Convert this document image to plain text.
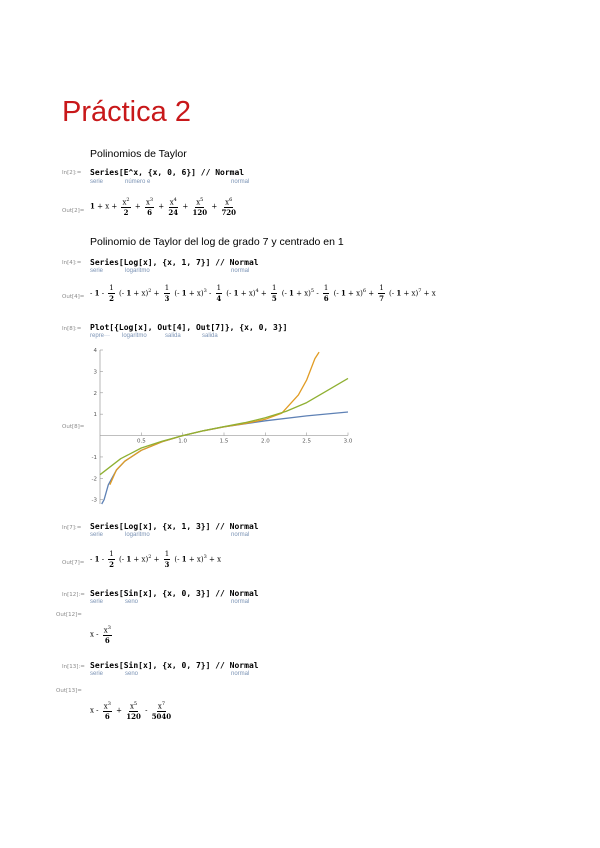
Práctica 2
Polinomios de Taylor
In[2]:= Series[E^x, {x, 0, 6}] // Normal
serie	número e	normal
Out[2]=
$1 + x + \frac{x^2}{2} + \frac{x^3}{6} + \frac{x^4}{24} + \frac{x^5}{120} + \frac{x^6}{720}$
Polinomio de Taylor del log de grado 7 y centrado en 1
In[4]:= Series[Log[x], {x, 1, 7}] // Normal
serie	logaritmo	normal
$Out[4]= - 1 - \frac{1}{2}$ (- $1 + x)^2 + \frac{1}{3}$ (- $1 + x)^3 - \frac{1}{4}$ (- $1 + x)^4 + \frac{1}{5}$ (- $1 + x)^5 - \frac{1}{6}$ (- $1 + x)^6 + \frac{1}{7}$ (- 1 + x)$^7$ + x
In[8]:= Plot[{Log[x], Out[4], Out[7]}, {x, 0, 3}]
repre··· logaritmo	salida	salida
Out[8]=
0.5	1.0	1.5	2.0	2.5	3.0
4
3
2
1
-1
-2
-3
In[7]:= Series[Log[x], {x, 1, 3}] // Normal
serie	logaritmo	normal
$Out[7]= - 1 - \frac{1}{2}$ (- $1 + x)^2 + \frac{1}{3}$ (- 1 + x)$^3$ + x
In[12]:= Series[Sin[x], {x, 0, 3}] // Normal
serie	seno	normal
Out[12]=
x - $\frac{x^3}{6}$
In[13]:= Series[Sin[x], {x, 0, 7}] // Normal
serie	seno	normal
Out[13]=
$x - \frac{x^3}{6} + \frac{x^5}{120} - \frac{x^7}{5040}$
